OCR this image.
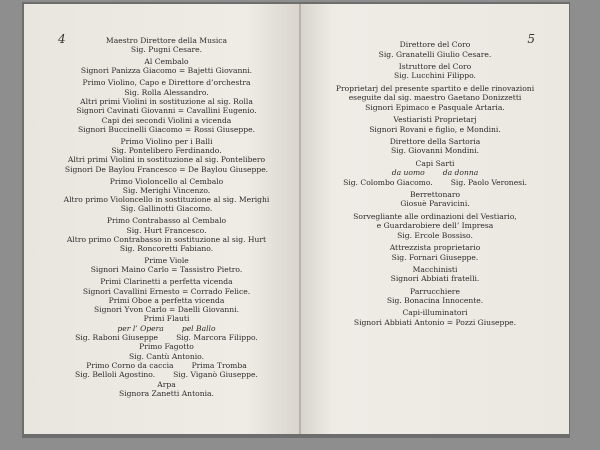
4	Maestro Direttore della Musica
Sig. Pugni Cesare.
Al Cembalo
Signori Panizza Giacomo = Bajetti Giovanni.
Primo Violino, Capo e Direttore d’orchestra
Sig. Rolla Alessandro.
Altri primi Violini in sostituzione al sig. Rolla
Signori Cavinati Giovanni = Cavallini Eugenio.
Capi dei secondi Violini a vicenda
Signori Buccinelli Giacomo = Rossi Giuseppe.
Primo Violino per i Balli
Sig. Pontelibero Ferdinando.
Altri primi Violini in sostituzione al sig. Pontelibero
Signori De Baylou Francesco = De Baylou Giuseppe.
Primo Violoncello al Cembalo
Sig. Merighi Vincenzo.
Altro primo Violoncello in sostituzione al sig. Merighi
Sig. Gallinotti Giacomo.
Primo Contrabasso al Cembalo
Sig. Hurt Francesco.
Altro primo Contrabasso in sostituzione al sig. Hurt
Sig. Roncoretti Fabiano.
Prime Viole
Signori Maino Carlo = Tassistro Pietro.
Primi Clarinetti a perfetta vicenda
Signori Cavallini Ernesto = Corrado Felice.
Primi Oboe a perfetta vicenda
Signori Yvon Carlo = Daelli Giovanni.
Primi Flauti
per l’ Opera pel Ballo
Sig. Raboni Giuseppe Sig. Marcora Filippo.
Primo Fagotto
Sig. Cantù Antonio.
Primo Corno da caccia Prima Tromba
Sig. Belloli Agostino. Sig. Viganò Giuseppe.
Arpa
Signora Zanetti Antonia.
5
Direttore del Coro
Sig. Granatelli Giulio Cesare.
Istruttore del Coro
Sig. Lucchini Filippo.
Proprietarj del presente spartito e delle rinovazioni
eseguite dal sig. maestro Gaetano Donizzetti
Signori Epimaco e Pasquale Artaria.
Vestiaristi Proprietarj
Signori Rovani e figlio, e Mondini.
Direttore della Sartoria
Sig. Giovanni Mondini.
Capi Sarti
da uomo da donna
Sig. Colombo Giacomo. Sig. Paolo Veronesi.
Berrettonaro
Giosuè Paravicini.
Sorvegliante alle ordinazioni del Vestiario,
e Guardarobiere dell’ Impresa
Sig. Ercole Bossiso.
Attrezzista proprietario
Sig. Fornari Giuseppe.
Macchinisti
Signori Abbiati fratelli.
Parrucchiere
Sig. Bonacina Innocente.
Capi-illuminatori
Signori Abbiati Antonio = Pozzi Giuseppe.
